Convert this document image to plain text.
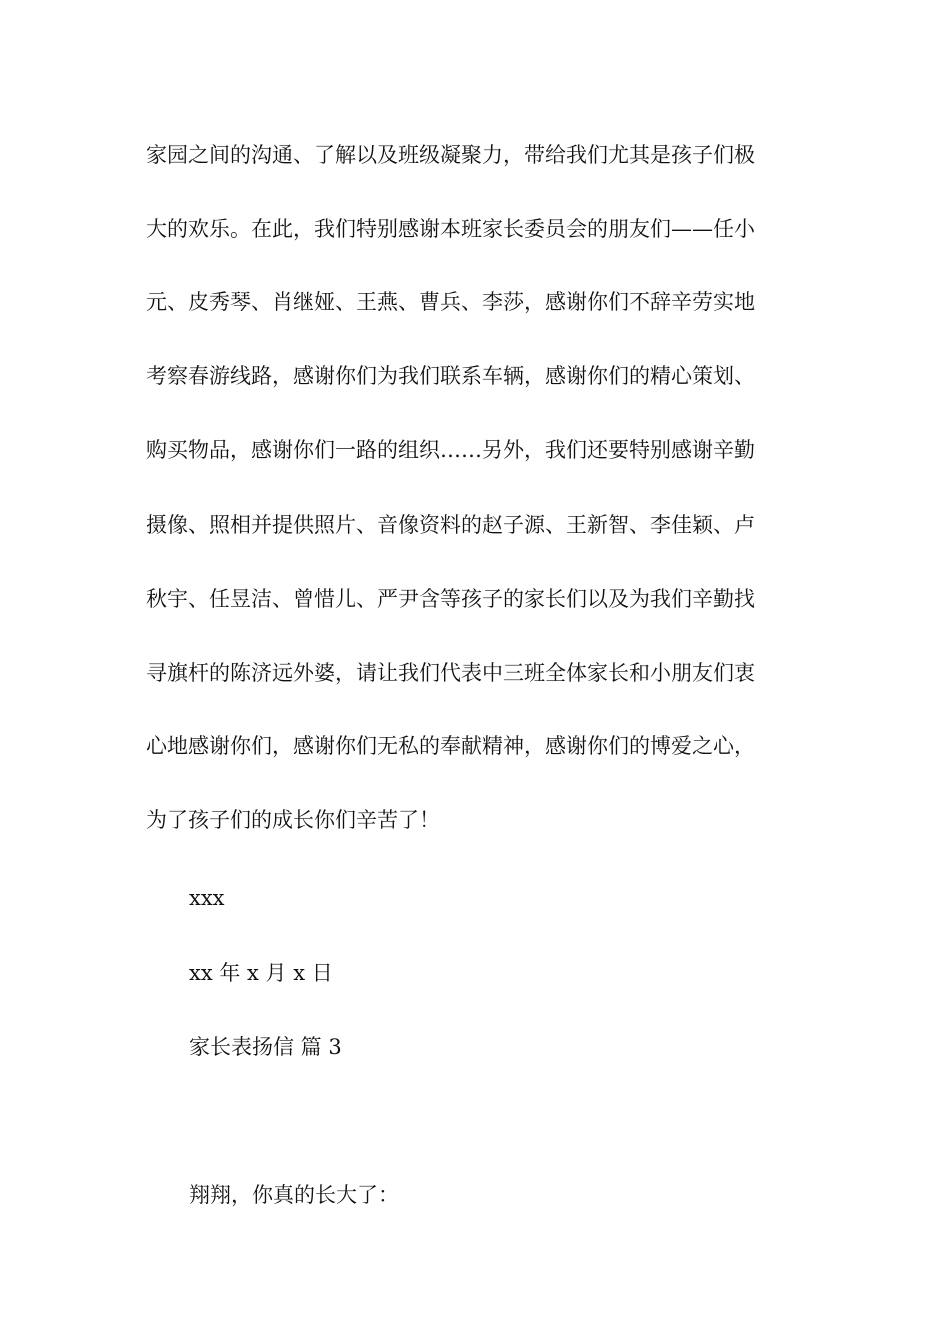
家园之间的沟通、了解以及班级凝聚力，带给我们尤其是孩子们极
大的欢乐。在此，我们特别感谢本班家长委员会的朋友们——任小
元、皮秀琴、肖继娅、王燕、曹兵、李莎，感谢你们不辞辛劳实地
考察春游线路，感谢你们为我们联系车辆，感谢你们的精心策划、
购买物品，感谢你们一路的组织……另外，我们还要特别感谢辛勤
摄像、照相并提供照片、音像资料的赵子源、王新智、李佳颖、卢
秋宇、任昱洁、曾惜儿、严尹含等孩子的家长们以及为我们辛勤找
寻旗杆的陈济远外婆，请让我们代表中三班全体家长和小朋友们衷
心地感谢你们，感谢你们无私的奉献精神，感谢你们的博爱之心，
为了孩子们的成长你们辛苦了！
xxx
xx 年 x 月 x 日
家长表扬信 篇 3
翔翔，你真的长大了：
